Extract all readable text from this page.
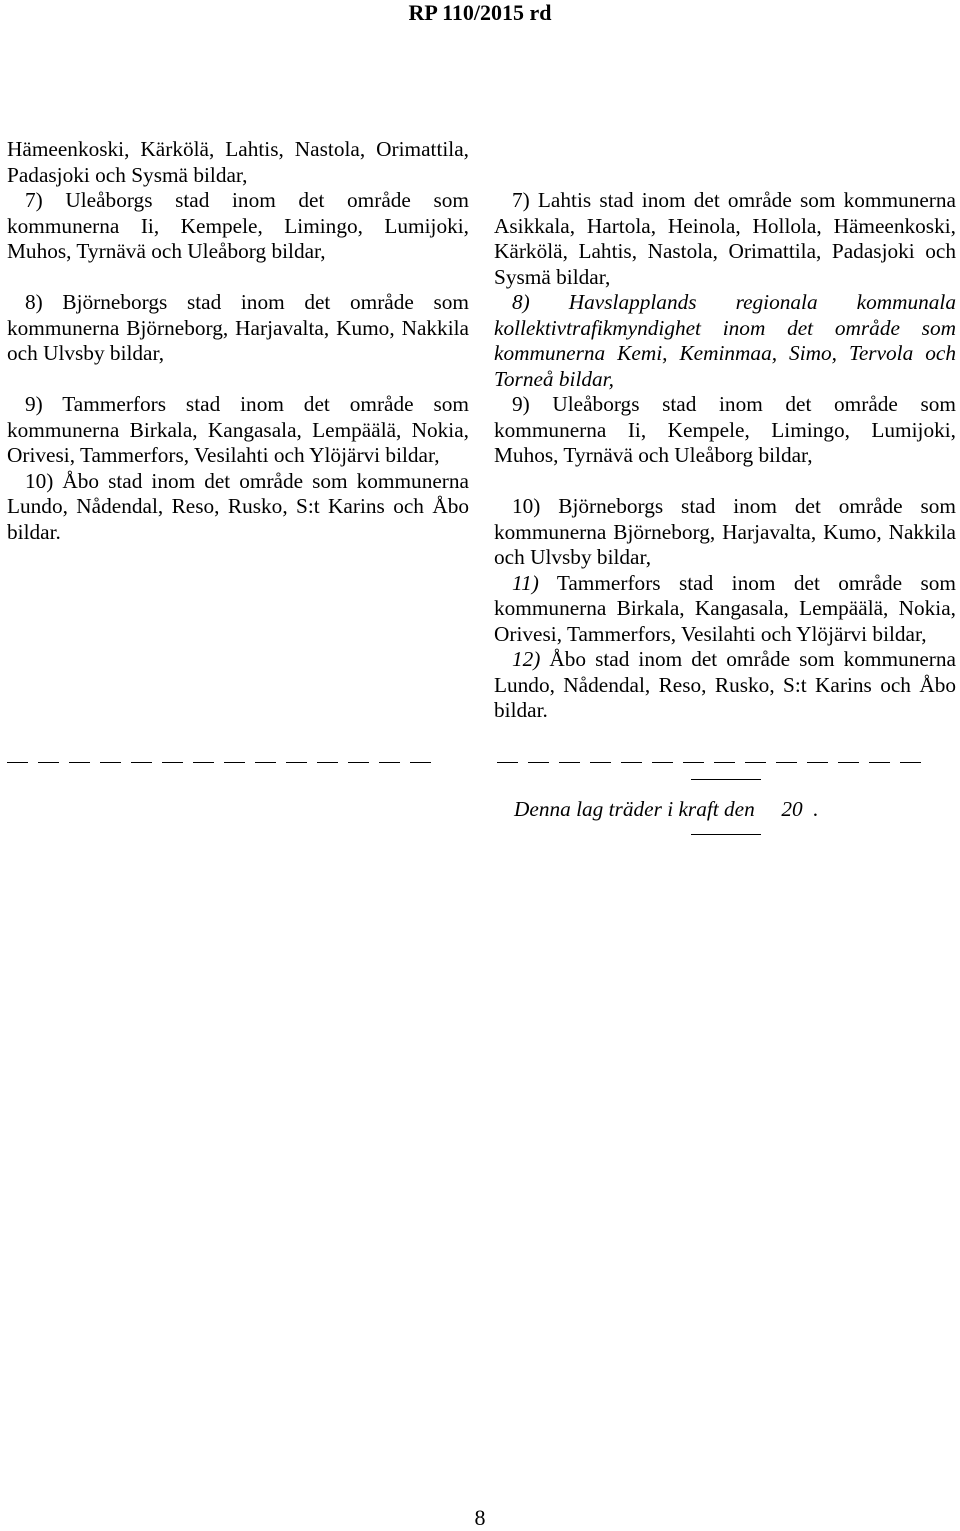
RP 110/2015 rd

Hämeenkoski, Kärkölä, Lahtis, Nastola, Orimattila, Padasjoki och Sysmä bildar,

7) Uleåborgs stad inom det område som kommunerna Ii, Kempele, Limingo, Lumijoki, Muhos, Tyrnävä och Uleåborg bildar,

8) Björneborgs stad inom det område som kommunerna Björneborg, Harjavalta, Kumo, Nakkila och Ulvsby bildar,

9) Tammerfors stad inom det område som kommunerna Birkala, Kangasala, Lempäälä, Nokia, Orivesi, Tammerfors, Vesilahti och Ylöjärvi bildar,

10) Åbo stad inom det område som kommunerna Lundo, Nådendal, Reso, Rusko, S:t Karins och Åbo bildar.

7) Lahtis stad inom det område som kommunerna Asikkala, Hartola, Heinola, Hollola, Hämeenkoski, Kärkölä, Lahtis, Nastola, Orimattila, Padasjoki och Sysmä bildar,

8) Havslapplands regionala kommunala kollektivtrafikmyndighet inom det område som kommunerna Kemi, Keminmaa, Simo, Tervola och Torneå bildar,

9) Uleåborgs stad inom det område som kommunerna Ii, Kempele, Limingo, Lumijoki, Muhos, Tyrnävä och Uleåborg bildar,

10) Björneborgs stad inom det område som kommunerna Björneborg, Harjavalta, Kumo, Nakkila och Ulvsby bildar,

11) Tammerfors stad inom det område som kommunerna Birkala, Kangasala, Lempäälä, Nokia, Orivesi, Tammerfors, Vesilahti och Ylöjärvi bildar,

12) Åbo stad inom det område som kommunerna Lundo, Nådendal, Reso, Rusko, S:t Karins och Åbo bildar.

Denna lag träder i kraft den     20  .
8
